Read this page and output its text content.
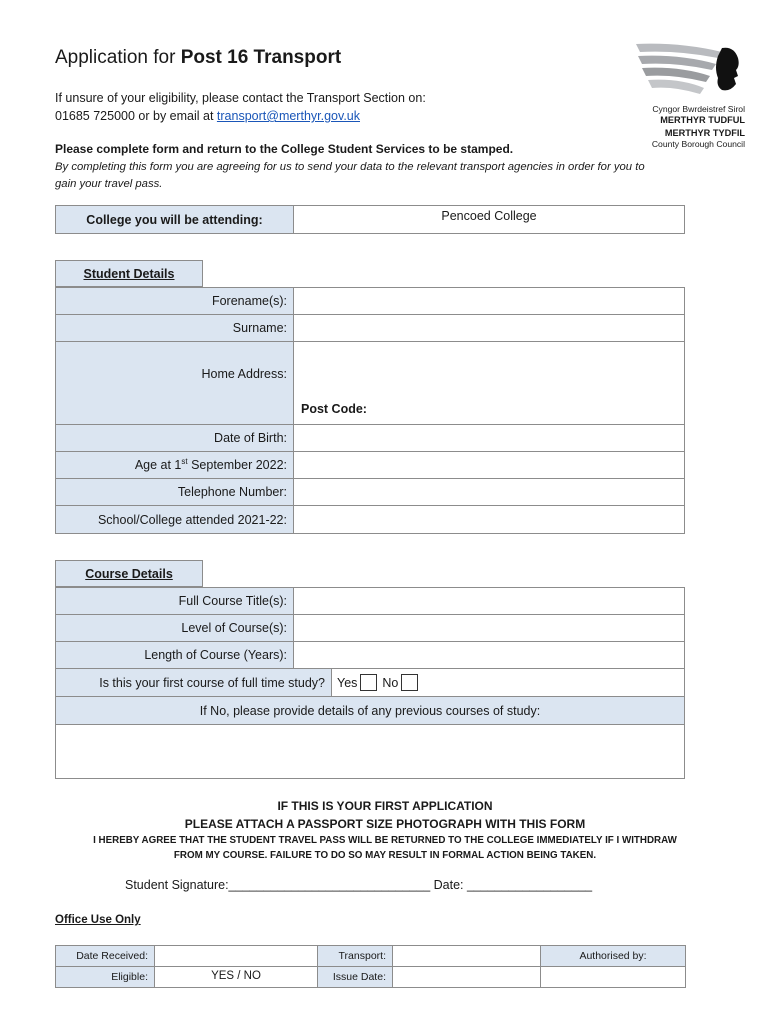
Application for Post 16 Transport
If unsure of your eligibility, please contact the Transport Section on:
01685 725000 or by email at transport@merthyr.gov.uk
Please complete form and return to the College Student Services to be stamped.
By completing this form you are agreeing for us to send your data to the relevant transport agencies in order for you to gain your travel pass.
Cyngor Bwrdeistref Sirol
MERTHYR TUDFUL
MERTHYR TYDFIL
County Borough Council
College you will be attending:	Pencoed College
Student Details
Forename(s):
Surname:
Home Address:
Post Code:
Date of Birth:
Age at 1st September 2022:
Telephone Number:
School/College attended 2021-22:
Course Details
Full Course Title(s):
Level of Course(s):
Length of Course (Years):
Is this your first course of full time study? Yes No
If No, please provide details of any previous courses of study:
IF THIS IS YOUR FIRST APPLICATION
PLEASE ATTACH A PASSPORT SIZE PHOTOGRAPH WITH THIS FORM
I HEREBY AGREE THAT THE STUDENT TRAVEL PASS WILL BE RETURNED TO THE COLLEGE IMMEDIATELY IF I WITHDRAW
FROM MY COURSE. FAILURE TO DO SO MAY RESULT IN FORMAL ACTION BEING TAKEN.
Student Signature:_____________________________ Date: __________________
Office Use Only
Date Received:
Eligible:	YES / NO
Transport:
Issue Date:
Authorised by:
